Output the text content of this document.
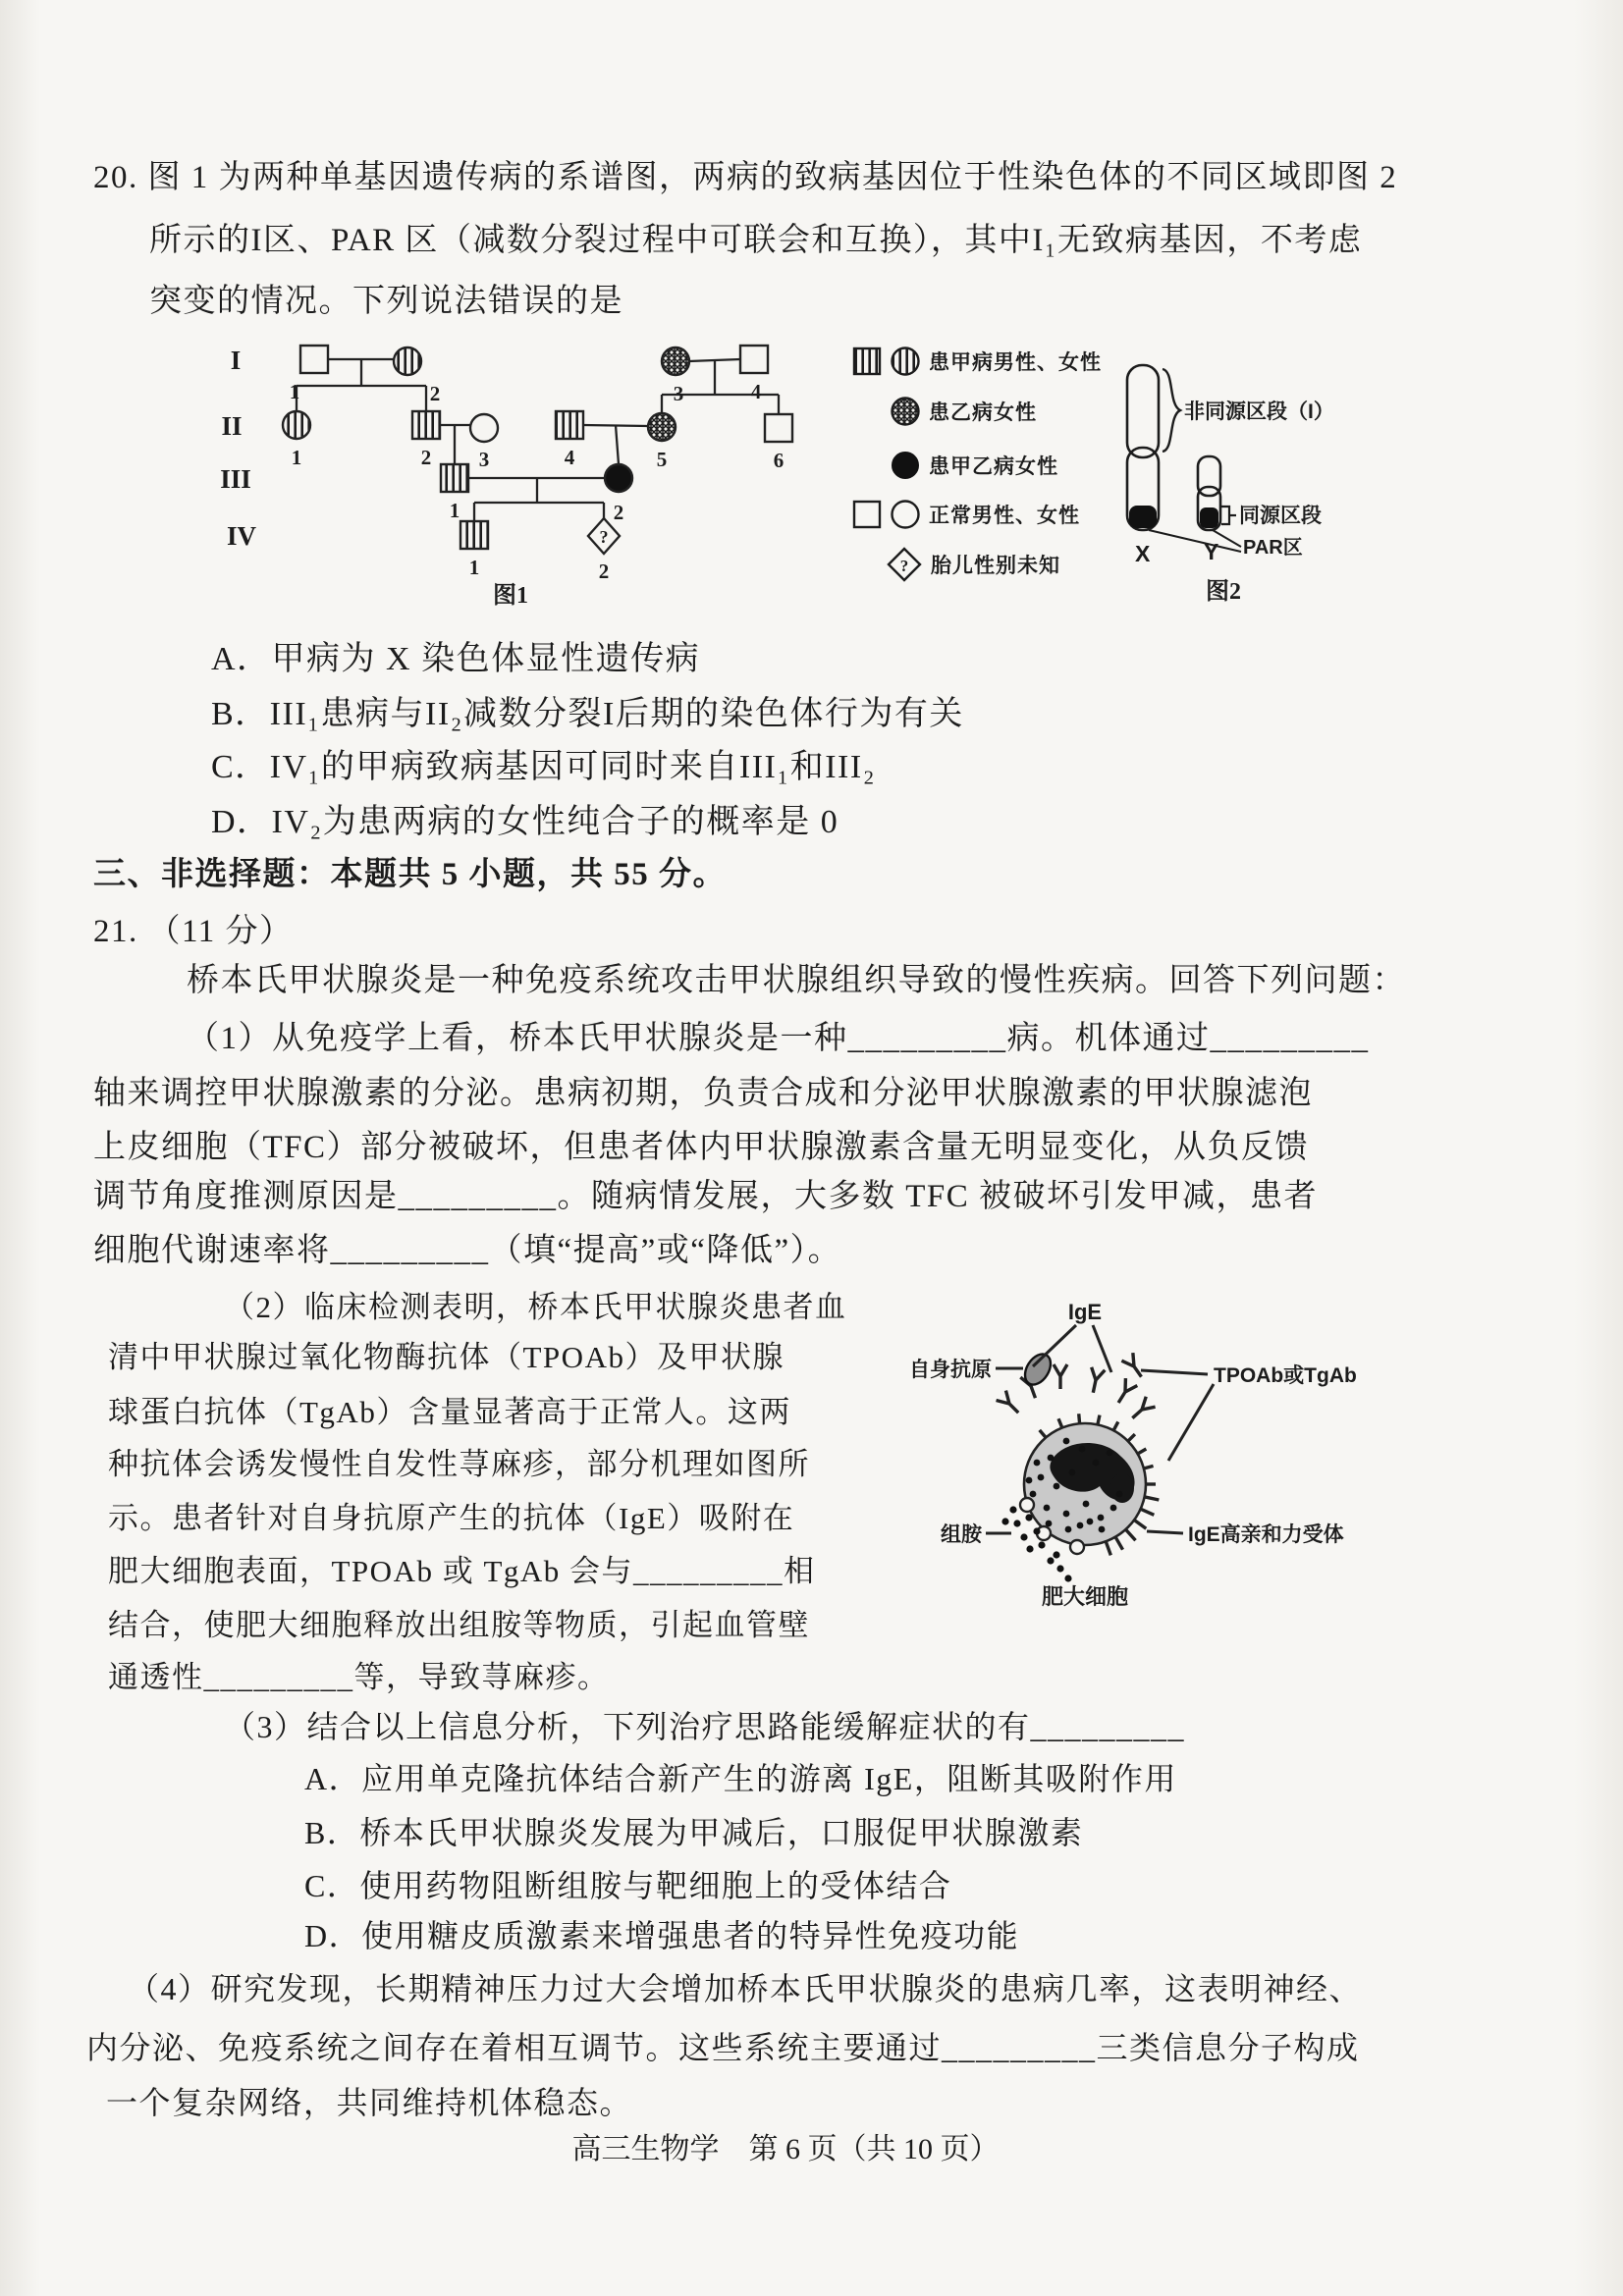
20. 图 1 为两种单基因遗传病的系谱图，两病的致病基因位于性染色体的不同区域即图 2
所示的I区、PAR 区（减数分裂过程中可联会和互换），其中I₁无致病基因，不考虑
突变的情况。下列说法错误的是
I
II
III
IV
1	2	3	4
1	2 3	4	5	6
1	2
1
?
2
图1
患甲病男性、女性
患乙病女性
患甲乙病女性
正常男性、女性
? 胎儿性别未知
非同源区段（I）
同源区段
PAR区
X Y
图2
A．甲病为 X 染色体显性遗传病
B．III₁患病与II₂减数分裂I后期的染色体行为有关
C．IV₁的甲病致病基因可同时来自III₁和III₂
D．IV₂为患两病的女性纯合子的概率是 0
三、非选择题：本题共 5 小题，共 55 分。
21. （11 分）
桥本氏甲状腺炎是一种免疫系统攻击甲状腺组织导致的慢性疾病。回答下列问题：
（1）从免疫学上看，桥本氏甲状腺炎是一种_________病。机体通过_________
轴来调控甲状腺激素的分泌。患病初期，负责合成和分泌甲状腺激素的甲状腺滤泡
上皮细胞（TFC）部分被破坏，但患者体内甲状腺激素含量无明显变化，从负反馈
调节角度推测原因是_________。随病情发展，大多数 TFC 被破坏引发甲减，患者
细胞代谢速率将_________（填“提高”或“降低”）。
（2）临床检测表明，桥本氏甲状腺炎患者血
清中甲状腺过氧化物酶抗体（TPOAb）及甲状腺
球蛋白抗体（TgAb）含量显著高于正常人。这两
种抗体会诱发慢性自发性荨麻疹，部分机理如图所
示。患者针对自身抗原产生的抗体（IgE）吸附在
肥大细胞表面，TPOAb 或 TgAb 会与_________相
结合，使肥大细胞释放出组胺等物质，引起血管壁
通透性_________等，导致荨麻疹。
（3）结合以上信息分析，下列治疗思路能缓解症状的有_________
A．应用单克隆抗体结合新产生的游离 IgE，阻断其吸附作用
B．桥本氏甲状腺炎发展为甲减后，口服促甲状腺激素
C．使用药物阻断组胺与靶细胞上的受体结合
D．使用糖皮质激素来增强患者的特异性免疫功能
（4）研究发现，长期精神压力过大会增加桥本氏甲状腺炎的患病几率，这表明神经、
内分泌、免疫系统之间存在着相互调节。这些系统主要通过_________三类信息分子构成
一个复杂网络，共同维持机体稳态。
IgE
自身抗原	TPOAb或TgAb
组胺	IgE高亲和力受体
肥大细胞
高三生物学　第 6 页（共 10 页）
